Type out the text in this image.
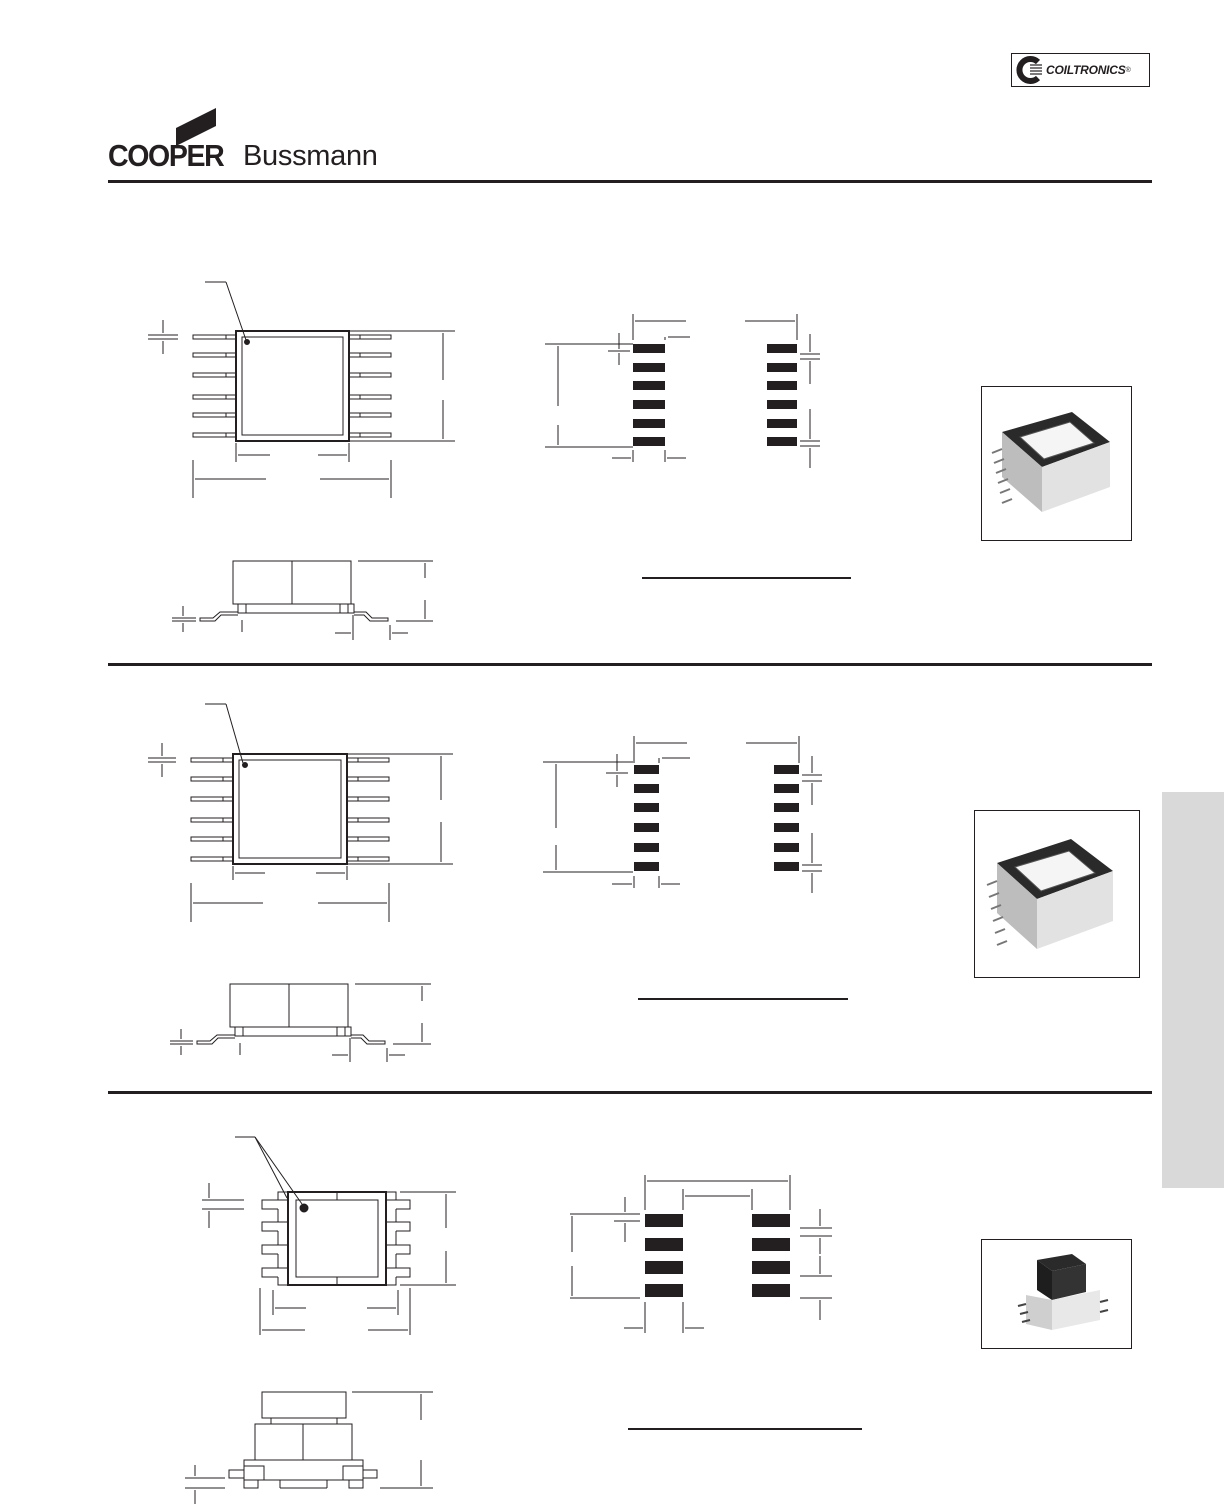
COILTRONICS ®
COOPER Bussmann
